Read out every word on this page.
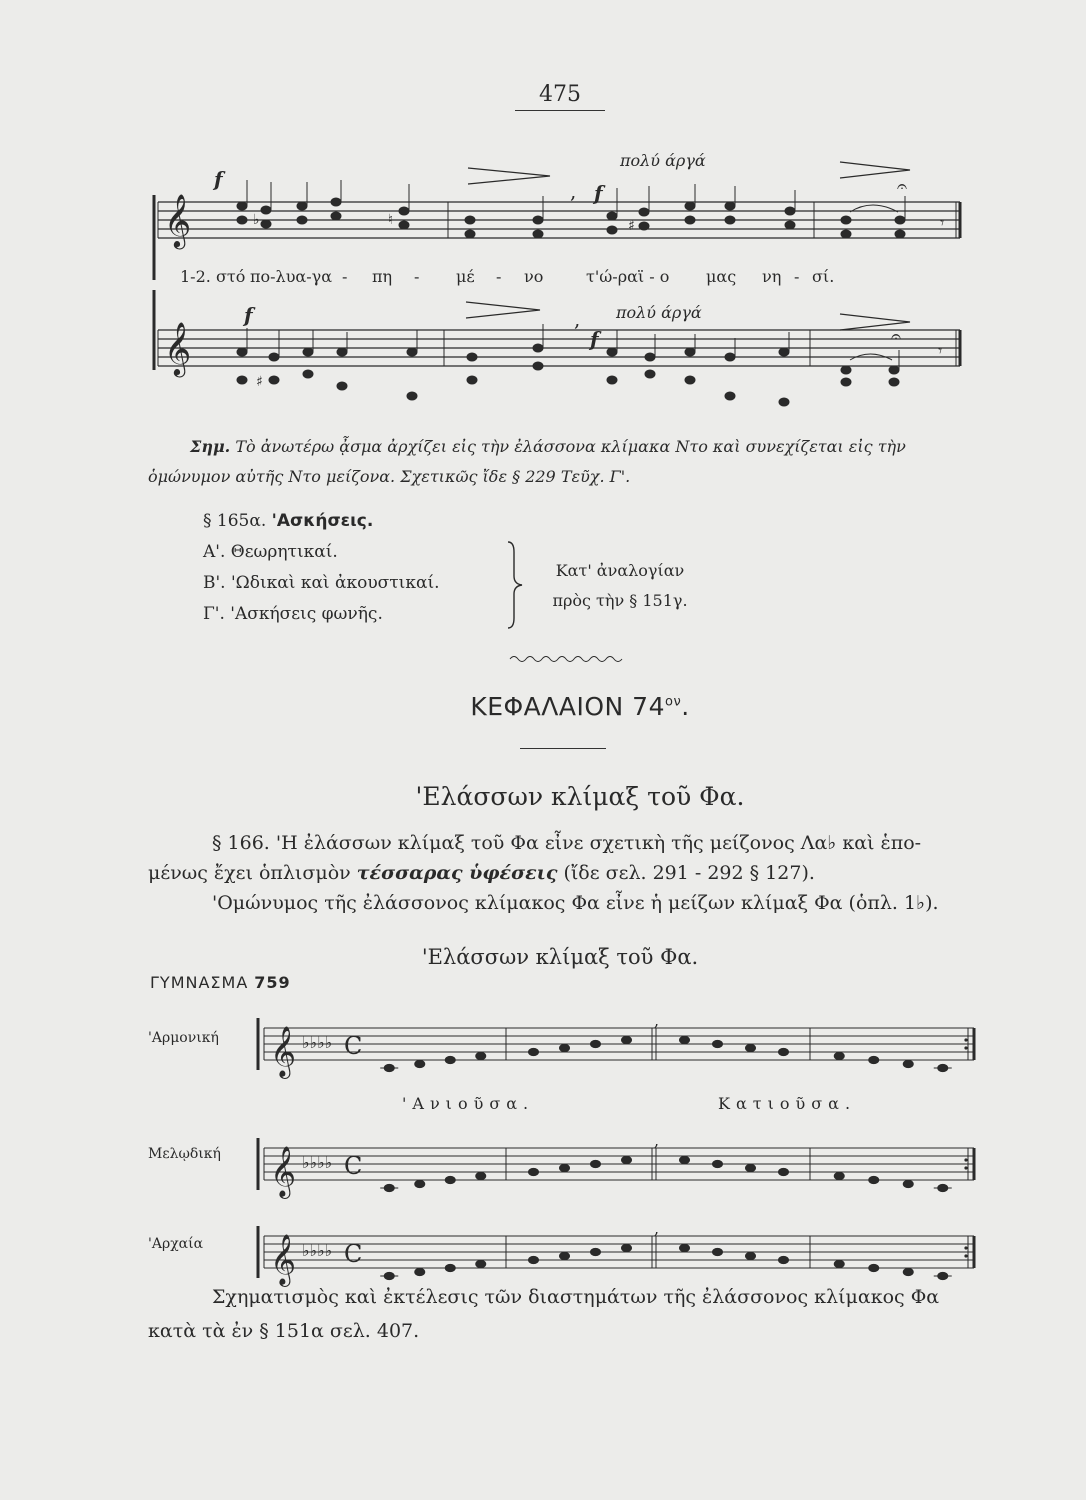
475
𝄞
f
πολύ άργά
, f
♭	♮	♯
𝄐
𝄾
1-2. στό πο-λυα-γα - πη - μέ - νο	τ'ώ-ραϊ - ο μας νη - σί.
𝄞
f	πολύ άργά
,
f
♯
𝄐
𝄾
Σημ. Τὸ ἀνωτέρω ᾆσμα ἀρχίζει εἰς τὴν ἐλάσσονα κλίμακα Ντο καὶ συνεχίζεται εἰς τὴν
ὁμώνυμον αὐτῆς Ντο μείζονα. Σχετικῶς ἴδε § 229 Τεῦχ. Γ'.
§ 165α. 'Ασκήσεις.
Α'. Θεωρητικαί.
Β'. 'Ωδικαὶ καὶ ἀκουστικαί.
Γ'. 'Ασκήσεις φωνῆς.
Κατ' ἀναλογίαν
πρὸς τὴν § 151γ.
ΚΕΦΑΛΑΙΟΝ $74^{o\nu}$.
'Ελάσσων κλίμαξ τοῦ Φα.

§ 166. 'Η ἐλάσσων κλίμαξ τοῦ Φα εἶνε σχετικὴ τῆς μείζονος Λα♭ καὶ ἑπο-

μένως ἔχει ὁπλισμὸν τέσσαρας ὑφέσεις (ἴδε σελ. 291 - 292 § 127).

'Ομώνυμος τῆς ἐλάσσονος κλίμακος Φα εἶνε ἡ μείζων κλίμαξ Φα (ὁπλ. 1♭).

'Ελάσσων κλίμαξ τοῦ Φα.
ΓΥΜΝΑΣΜΑ 759
'Αρμονική
'Ανιοῦσα.	Κατιοῦσα.
Μελῳδική
'Αρχαία
𝄞 ♭♭♭♭ C
,
𝄞 ♭♭♭♭ C
,
𝄞 ♭♭♭♭ C
,
Σχηματισμὸς καὶ ἐκτέλεσις τῶν διαστημάτων τῆς ἐλάσσονος κλίμακος Φα
κατὰ τὰ ἐν § 151α σελ. 407.
